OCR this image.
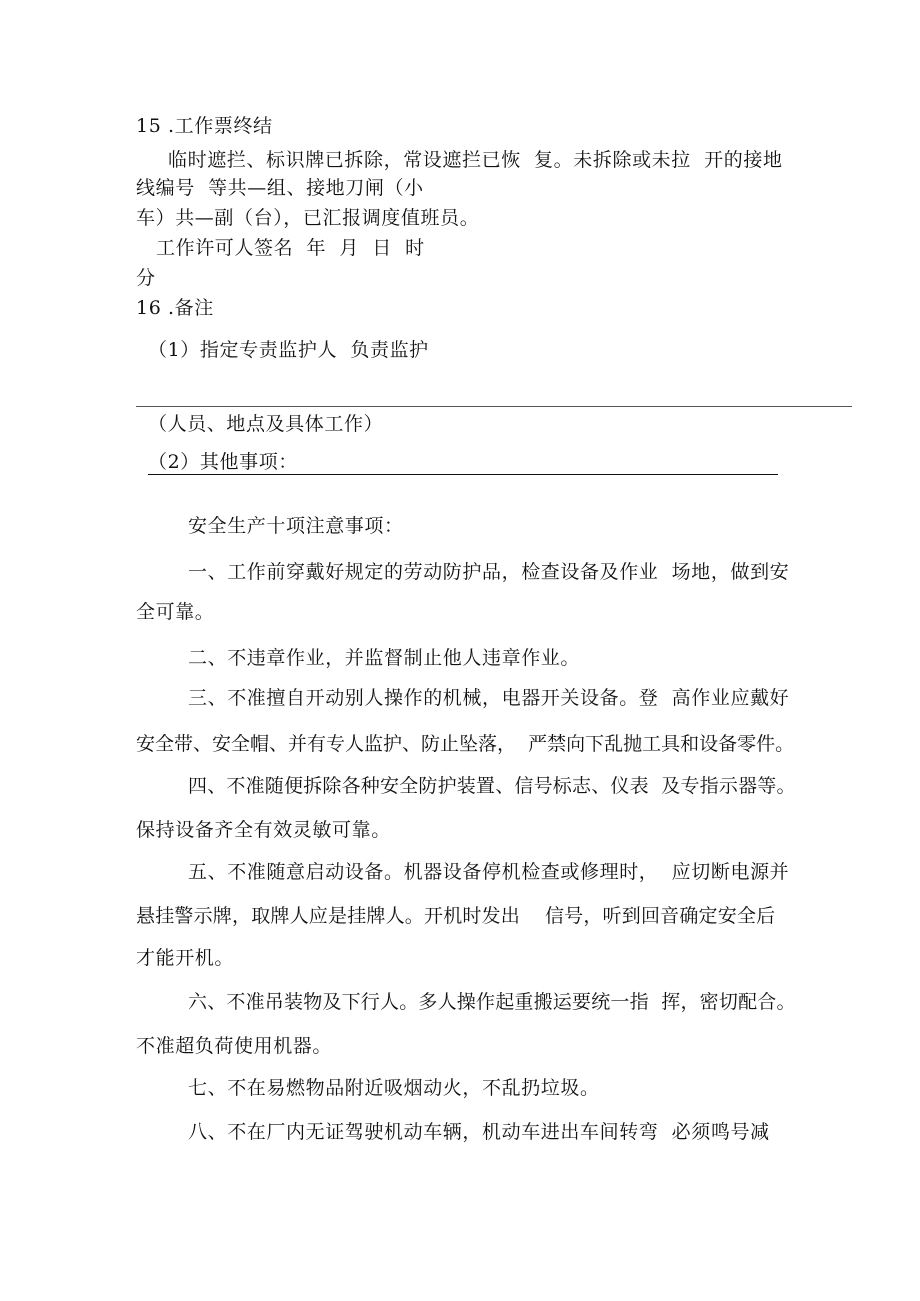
15 .工作票终结
临时遮拦、标识牌已拆除，常设遮拦已恢  复。未拆除或未拉  开的接地
线编号  等共—组、接地刀闸（小
车）共—副（台），已汇报调度值班员。
工作许可人签名  年  月  日  时
分
16 .备注
（1）指定专责监护人  负责监护
（人员、地点及具体工作）
（2）其他事项：
安全生产十项注意事项：
一、工作前穿戴好规定的劳动防护品，检查设备及作业  场地，做到安
全可靠。
二、不违章作业，并监督制止他人违章作业。
三、不准擅自开动别人操作的机械，电器开关设备。登  高作业应戴好
安全带、安全帽、并有专人监护、防止坠落，  严禁向下乱抛工具和设备零件。
四、不准随便拆除各种安全防护装置、信号标志、仪表  及专指示器等。
保持设备齐全有效灵敏可靠。
五、不准随意启动设备。机器设备停机检查或修理时，  应切断电源并
悬挂警示牌，取牌人应是挂牌人。开机时发出    信号，听到回音确定安全后
才能开机。
六、不准吊装物及下行人。多人操作起重搬运要统一指  挥，密切配合。
不准超负荷使用机器。
七、不在易燃物品附近吸烟动火，不乱扔垃圾。
八、不在厂内无证驾驶机动车辆，机动车进出车间转弯  必须鸣号减
